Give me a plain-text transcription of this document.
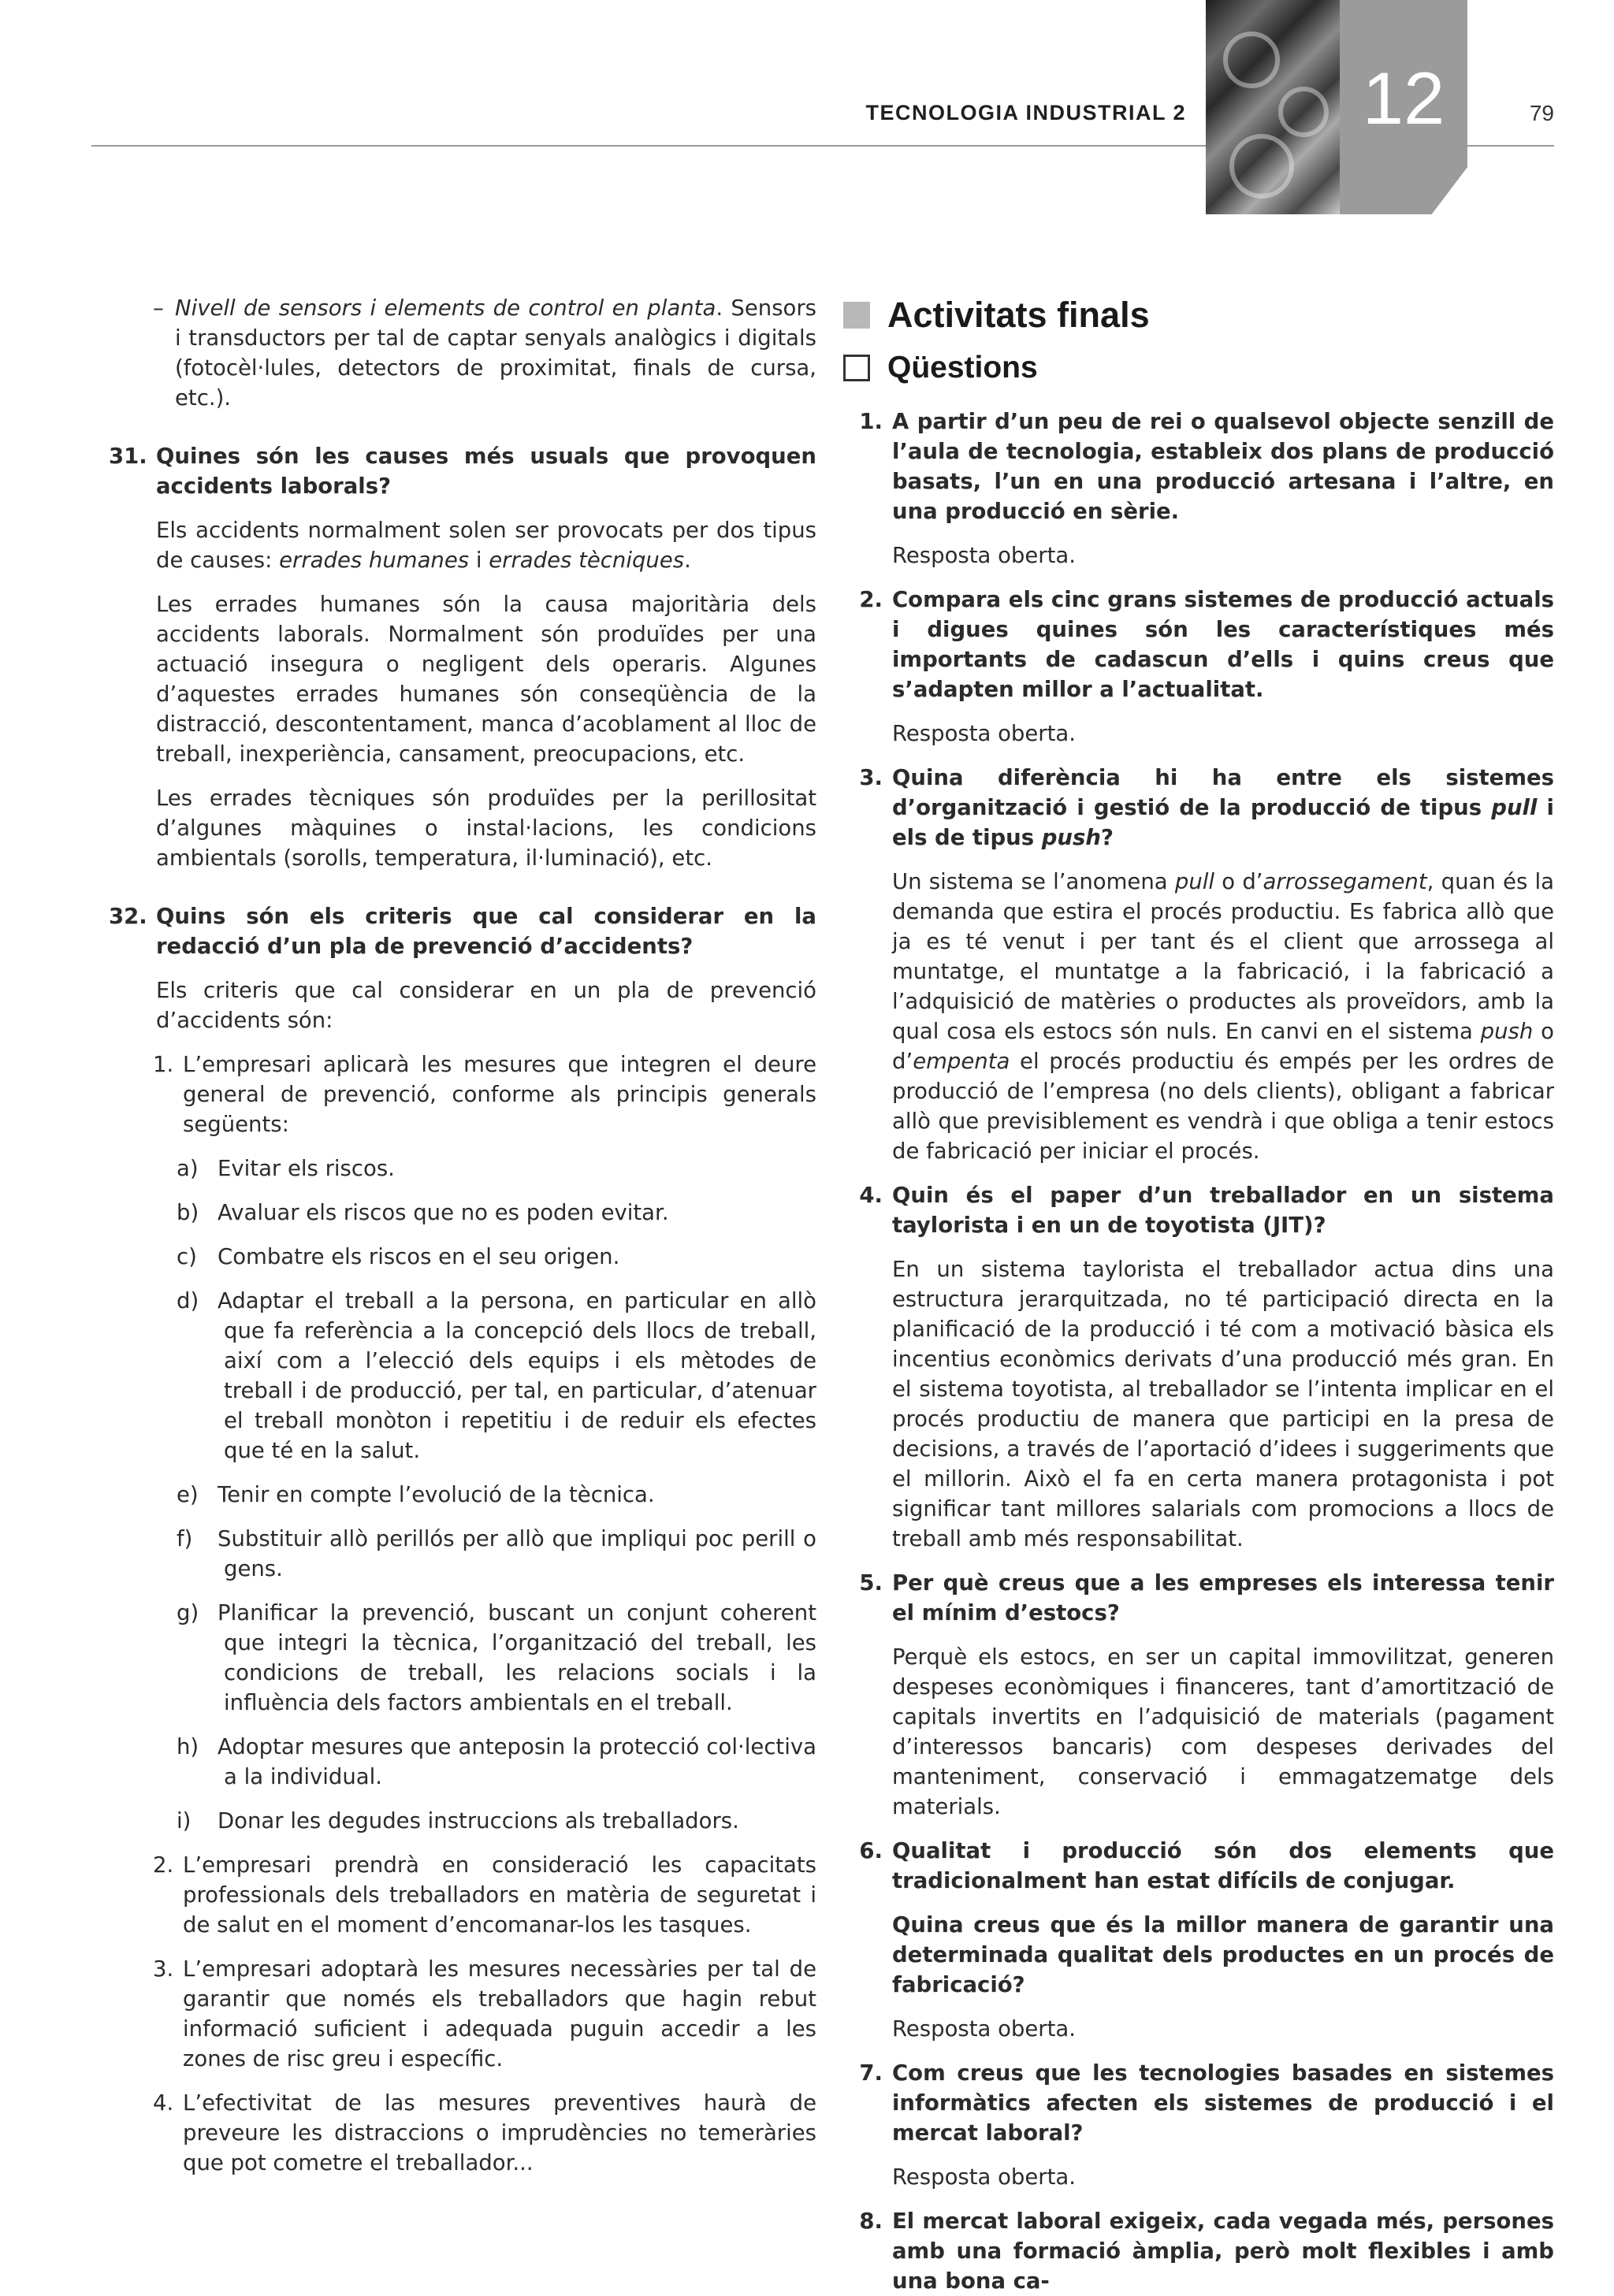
TECNOLOGIA INDUSTRIAL 2	12	79

– Nivell de sensors i elements de control en planta. Sensors i transductors per tal de captar senyals analògics i digitals (fotocèl·lules, detectors de proximitat, finals de cursa, etc.).

31. Quines són les causes més usuals que provoquen accidents laborals?

Els accidents normalment solen ser provocats per dos tipus de causes: errades humanes i errades tècniques.

Les errades humanes són la causa majoritària dels accidents laborals. Normalment són produïdes per una actuació insegura o negligent dels operaris. Algunes d’aquestes errades humanes són conseqüència de la distracció, descontentament, manca d’acoblament al lloc de treball, inexperiència, cansament, preocupacions, etc.

Les errades tècniques són produïdes per la perillositat d’algunes màquines o instal·lacions, les condicions ambientals (sorolls, temperatura, il·luminació), etc.

32. Quins són els criteris que cal considerar en la redacció d’un pla de prevenció d’accidents?

Els criteris que cal considerar en un pla de prevenció d’accidents són:

1. L’empresari aplicarà les mesures que integren el deure general de prevenció, conforme als principis generals següents:

a) Evitar els riscos.

b) Avaluar els riscos que no es poden evitar.

c) Combatre els riscos en el seu origen.

d) Adaptar el treball a la persona, en particular en allò que fa referència a la concepció dels llocs de treball, així com a l’elecció dels equips i els mètodes de treball i de producció, per tal, en particular, d’atenuar el treball monòton i repetitiu i de reduir els efectes que té en la salut.

e) Tenir en compte l’evolució de la tècnica.

f) Substituir allò perillós per allò que impliqui poc perill o gens.

g) Planificar la prevenció, buscant un conjunt coherent que integri la tècnica, l’organització del treball, les condicions de treball, les relacions socials i la influència dels factors ambientals en el treball.

h) Adoptar mesures que anteposin la protecció col·lectiva a la individual.

i) Donar les degudes instruccions als treballadors.

2. L’empresari prendrà en consideració les capacitats professionals dels treballadors en matèria de seguretat i de salut en el moment d’encomanar-los les tasques.

3. L’empresari adoptarà les mesures necessàries per tal de garantir que només els treballadors que hagin rebut informació suficient i adequada puguin accedir a les zones de risc greu i específic.

4. L’efectivitat de las mesures preventives haurà de preveure les distraccions o imprudències no temeràries que pot cometre el treballador...

Activitats finals
Qüestions

1. A partir d’un peu de rei o qualsevol objecte senzill de l’aula de tecnologia, estableix dos plans de producció basats, l’un en una producció artesana i l’altre, en una producció en sèrie.

Resposta oberta.

2. Compara els cinc grans sistemes de producció actuals i digues quines són les característiques més importants de cadascun d’ells i quins creus que s’adapten millor a l’actualitat.

Resposta oberta.

3. Quina diferència hi ha entre els sistemes d’organització i gestió de la producció de tipus pull i els de tipus push?

Un sistema se l’anomena pull o d’arrossegament, quan és la demanda que estira el procés productiu. Es fabrica allò que ja es té venut i per tant és el client que arrossega al muntatge, el muntatge a la fabricació, i la fabricació a l’adquisició de matèries o productes als proveïdors, amb la qual cosa els estocs són nuls. En canvi en el sistema push o d’empenta el procés productiu és empés per les ordres de producció de l’empresa (no dels clients), obligant a fabricar allò que previsiblement es vendrà i que obliga a tenir estocs de fabricació per iniciar el procés.

4. Quin és el paper d’un treballador en un sistema taylorista i en un de toyotista (JIT)?

En un sistema taylorista el treballador actua dins una estructura jerarquitzada, no té participació directa en la planificació de la producció i té com a motivació bàsica els incentius econòmics derivats d’una producció més gran. En el sistema toyotista, al treballador se l’intenta implicar en el procés productiu de manera que participi en la presa de decisions, a través de l’aportació d’idees i suggeriments que el millorin. Això el fa en certa manera protagonista i pot significar tant millores salarials com promocions a llocs de treball amb més responsabilitat.

5. Per què creus que a les empreses els interessa tenir el mínim d’estocs?

Perquè els estocs, en ser un capital immovilitzat, generen despeses econòmiques i financeres, tant d’amortització de capitals invertits en l’adquisició de materials (pagament d’interessos bancaris) com despeses derivades del manteniment, conservació i emmagatzematge dels materials.

6. Qualitat i producció són dos elements que tradicionalment han estat difícils de conjugar.

Quina creus que és la millor manera de garantir una determinada qualitat dels productes en un procés de fabricació?

Resposta oberta.

7. Com creus que les tecnologies basades en sistemes informàtics afecten els sistemes de producció i el mercat laboral?

Resposta oberta.

8. El mercat laboral exigeix, cada vegada més, persones amb una formació àmplia, però molt flexibles i amb una bona ca-
